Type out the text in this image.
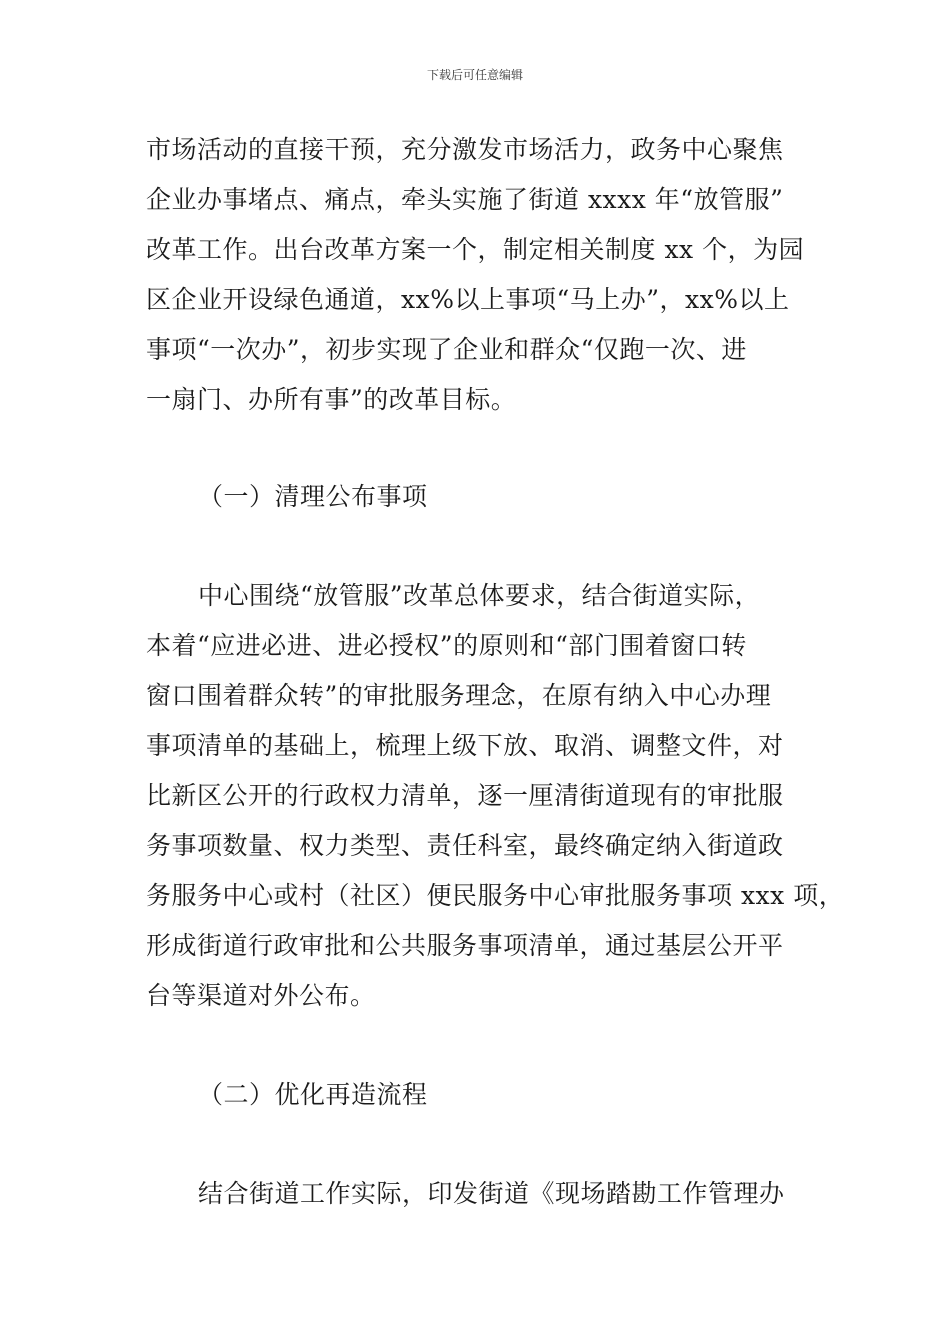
下载后可任意编辑
市场活动的直接干预，充分激发市场活力，政务中心聚焦
企业办事堵点、痛点，牵头实施了街道 xxxx 年“放管服”
改革工作。出台改革方案一个，制定相关制度 xx 个，为园
区企业开设绿色通道，xx%以上事项“马上办”，xx%以上
事项“一次办”，初步实现了企业和群众“仅跑一次、进
一扇门、办所有事”的改革目标。
（一）清理公布事项
中心围绕“放管服”改革总体要求，结合街道实际，
本着“应进必进、进必授权”的原则和“部门围着窗口转
窗口围着群众转”的审批服务理念，在原有纳入中心办理
事项清单的基础上，梳理上级下放、取消、调整文件，对
比新区公开的行政权力清单，逐一厘清街道现有的审批服
务事项数量、权力类型、责任科室，最终确定纳入街道政
务服务中心或村（社区）便民服务中心审批服务事项 xxx 项，
形成街道行政审批和公共服务事项清单，通过基层公开平
台等渠道对外公布。
（二）优化再造流程
结合街道工作实际，印发街道《现场踏勘工作管理办
